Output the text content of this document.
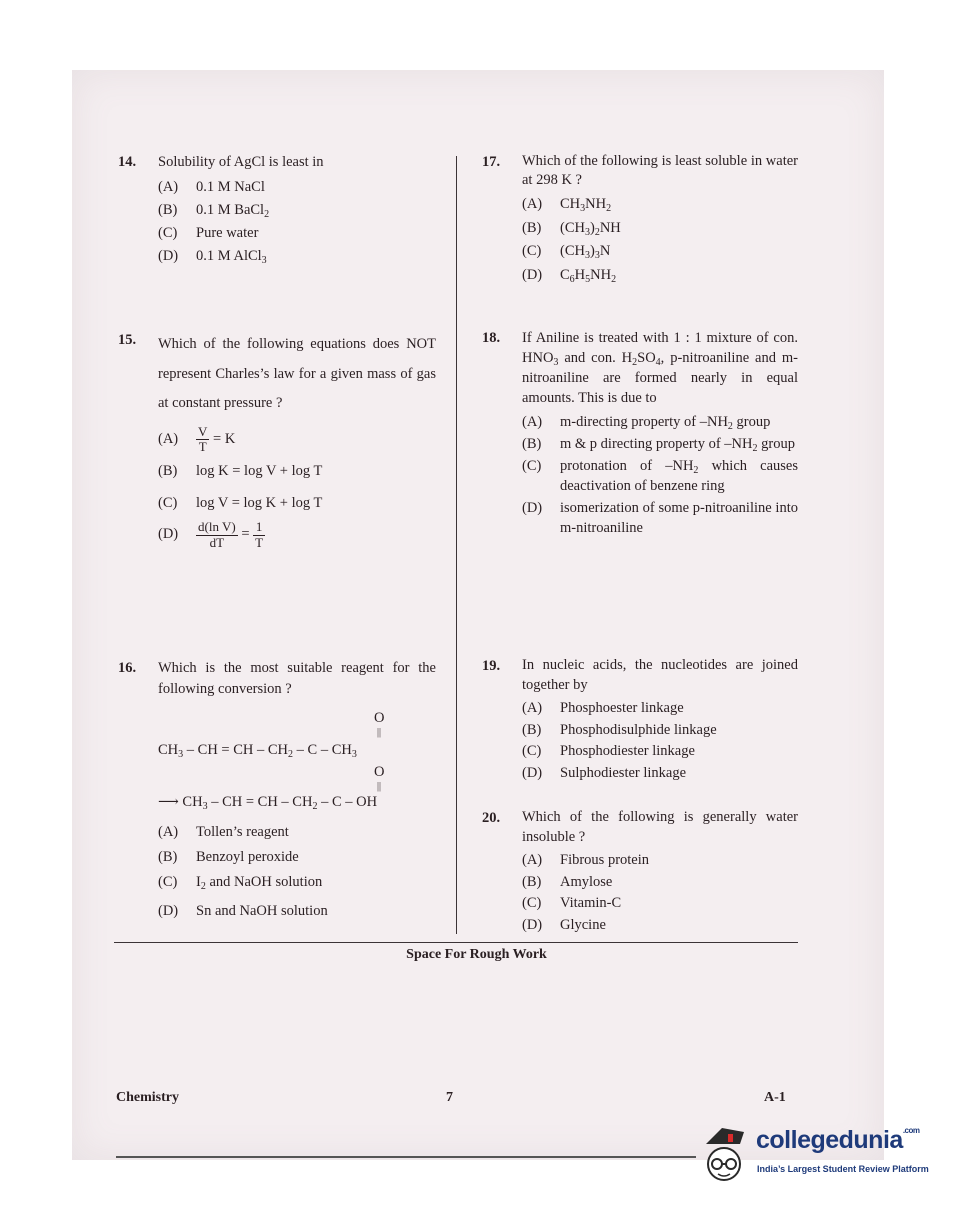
14. Solubility of AgCl is least in

(A)	0.1 M NaCl
(B)	0.1 M BaCl$_2$
(C)	Pure water
(D)	0.1 M AlCl$_3$
15. Which of the following equations does NOT represent Charles’s law for a given mass of gas at constant pressure ?

(A)	$\frac{V}{T} = K$
(B)	log K = log V + log T
(C)	log V = log K + log T
(D)	$\frac{\text{d(ln V)}}{dT} = \frac{1}{T}$
16. Which is the most suitable reagent for the following conversion ?

O
||
$CH_3$ – CH = CH – $CH_2$ – C – $CH_3$
O
||
⟶ $CH_3$ – CH = CH – $CH_2$ – C – OH
(A)	Tollen’s reagent
(B)	Benzoyl peroxide
(C)	$I_2$ and NaOH solution
(D)	Sn and NaOH solution
17. Which of the following is least soluble in water at 298 K ?

(A)	$CH_3NH_2$
(B)	$(CH_3)_2NH$
(C)	$(CH_3)_3N$
(D)	$C_6H_5NH_2$
18. If Aniline is treated with 1 : 1 mixture of con. $HNO_3$ and con. $H_2SO_4$, p-nitroaniline and m-nitroaniline are formed nearly in equal amounts. This is due to

(A)	m-directing property of $-NH_2$ group
(B)	m & p directing property of $-NH_2$ group
(C)	protonation of $-NH_2$ which causes deactivation of benzene ring
(D)	isomerization of some p-nitroaniline into m-nitroaniline
19. In nucleic acids, the nucleotides are joined together by

(A)	Phosphoester linkage
(B)	Phosphodisulphide linkage
(C)	Phosphodiester linkage
(D)	Sulphodiester linkage
20. Which of the following is generally water insoluble ?

(A)	Fibrous protein
(B)	Amylose
(C)	Vitamin-C
(D)	Glycine
Space For Rough Work
Chemistry	7	A-1
collegedunia$^{.com}$
India’s Largest Student Review Platform
